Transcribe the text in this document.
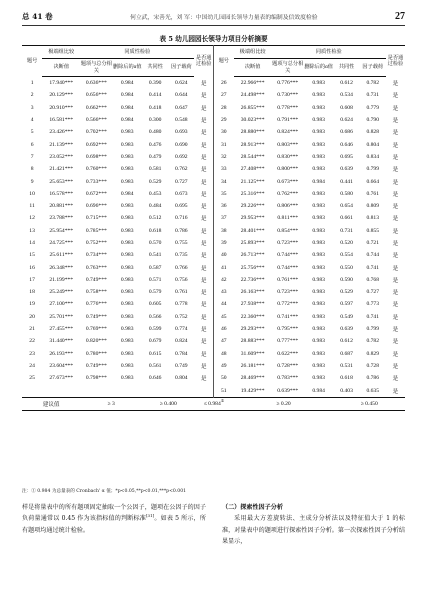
总 41 卷	何立武，宋善光，刘 军：中国幼儿园园长领导力量表的编制及信效度检验	27
表 5 幼儿园园长领导力项目分析摘要
题号	极端组比较	同质性检验				是否通过检验	题号	极端组比较	同质性检验				是否通过检验
	决断值	题项与总分相关	删除后的α值	共同性	因子载荷			决断值	题项与总分相关	删除后的α值	共同性	因子载荷	
1	17.940***	0.636***	0.984	0.390	0.624	是	26	22.966***	0.776***	0.983	0.612	0.782	是
2	20.129***	0.656***	0.984	0.414	0.644	是	27	24.498***	0.730***	0.983	0.534	0.731	是
3	20.910***	0.662***	0.984	0.418	0.647	是	28	26.855***	0.778***	0.983	0.608	0.779	是
4	16.581***	0.566***	0.984	0.300	0.548	是	29	30.023***	0.791***	0.983	0.624	0.790	是
5	23.426***	0.702***	0.983	0.480	0.693	是	30	28.880***	0.824***	0.983	0.686	0.828	是
6	21.139***	0.692***	0.983	0.476	0.690	是	31	28.913***	0.803***	0.983	0.646	0.804	是
7	23.052***	0.698***	0.983	0.479	0.692	是	32	28.544***	0.830***	0.983	0.695	0.834	是
8	21.421***	0.760***	0.983	0.581	0.762	是	33	27.408***	0.800***	0.983	0.639	0.799	是
9	25.653***	0.733***	0.983	0.529	0.727	是	34	21.125***	0.673***	0.984	0.441	0.664	是
10	16.578***	0.672***	0.984	0.453	0.673	是	35	25.316***	0.762***	0.983	0.580	0.761	是
11	20.881***	0.696***	0.983	0.484	0.695	是	36	29.226***	0.806***	0.983	0.654	0.809	是
12	23.788***	0.715***	0.983	0.512	0.716	是	37	29.953***	0.811***	0.983	0.661	0.813	是
13	25.954***	0.785***	0.983	0.618	0.786	是	38	28.401***	0.854***	0.983	0.731	0.855	是
14	24.725***	0.752***	0.983	0.570	0.755	是	39	25.893***	0.723***	0.983	0.520	0.721	是
15	25.611***	0.734***	0.983	0.541	0.735	是	40	26.713***	0.744***	0.983	0.554	0.744	是
16	26.348***	0.763***	0.983	0.587	0.766	是	41	25.756***	0.744***	0.983	0.550	0.741	是
17	21.199***	0.749***	0.983	0.571	0.756	是	42	22.736***	0.761***	0.983	0.590	0.768	是
18	25.249***	0.758***	0.983	0.579	0.761	是	43	26.163***	0.723***	0.983	0.529	0.727	是
19	27.100***	0.776***	0.983	0.605	0.778	是	44	27.938***	0.772***	0.983	0.597	0.773	是
20	25.701***	0.749***	0.983	0.566	0.752	是	45	22.360***	0.741***	0.983	0.549	0.741	是
21	27.455***	0.769***	0.983	0.599	0.774	是	46	29.293***	0.795***	0.983	0.639	0.799	是
22	31.440***	0.820***	0.983	0.679	0.824	是	47	28.883***	0.777***	0.983	0.612	0.782	是
23	26.193***	0.780***	0.983	0.615	0.784	是	48	31.609***	0.622***	0.983	0.687	0.829	是
24	23.604***	0.749***	0.983	0.561	0.749	是	49	26.181***	0.728***	0.983	0.531	0.728	是
25	27.673***	0.798***	0.983	0.646	0.804	是	50	28.469***	0.783***	0.983	0.618	0.786	是
							51	19.429***	0.639***	0.984	0.403	0.635	是
建议值		≥ 3		≥ 0.400		≤ 0.984①		≥ 0.20			≥ 0.450		
注：① 0.984 为总量表的 Cronbach' α 值；*p<0.05,**p<0.01,***p<0.001
样是将量表中的所有题项固定抽取一个公因子，题项在公因子的因子负荷量通常以 0.45 作为该指标值的判断标准[31]。如表 5 所示，所有题项均通过统计检验。
（二）探索性因子分析
采用最大方差旋转法、主成分分析法以及特征值大于 1 的标准，对量表中的题项进行探索性因子分析。第一次探索性因子分析结果显示，
